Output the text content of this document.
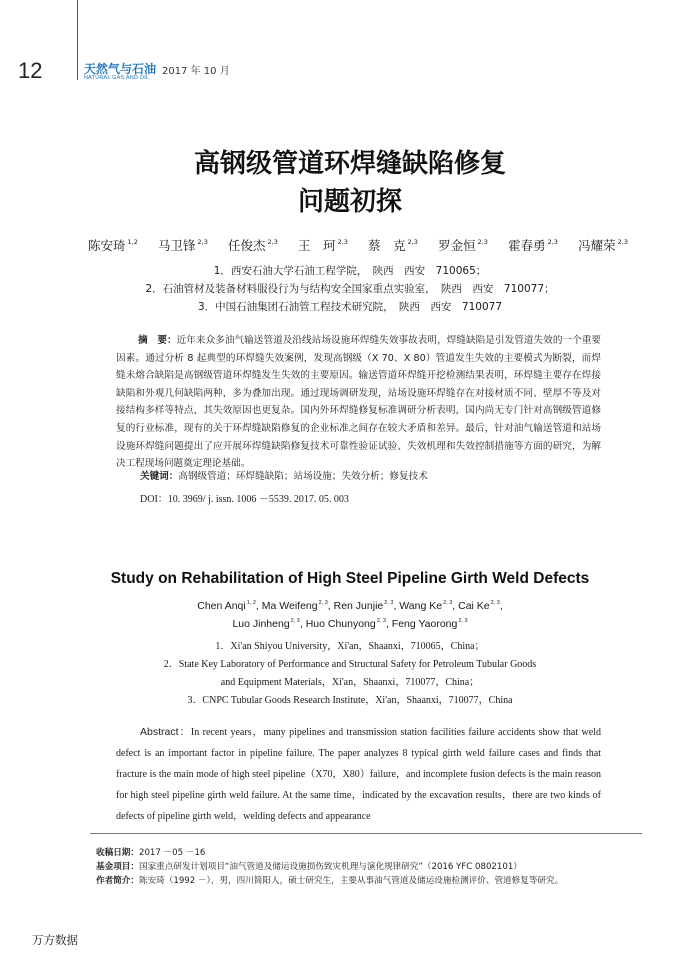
12	天然气与石油
NATURAL GAS AND OIL
2017 年 10 月
高钢级管道环焊缝缺陷修复
问题初探
陈安琦 $^{1,2}$ 马卫锋 $^{2,3}$ 任俊杰 $^{2,3}$ 王　珂 $^{2,3}$ 蔡　克 $^{2,3}$ 罗金恒 $^{2,3}$ 霍春勇 $^{2,3}$ 冯耀荣 $^{2,3}$
1．西安石油大学石油工程学院，　陕西　西安　710065；
2．石油管材及装备材料服役行为与结构安全国家重点实验室，　陕西　西安　710077；
3．中国石油集团石油管工程技术研究院，　陕西　西安　710077
摘　要：近年来众多油气输送管道及沿线站场设施环焊缝失效事故表明，焊缝缺陷是引发管道失效的一个重要因素。通过分析 8 起典型的环焊缝失效案例，发现高钢级（X 70、X 80）管道发生失效的主要模式为断裂，而焊缝未熔合缺陷是高钢级管道环焊缝发生失效的主要原因。输送管道环焊缝开挖检测结果表明，环焊缝主要存在焊接缺陷和外观几何缺陷两种，多为叠加出现。通过现场调研发现，站场设施环焊缝存在对接材质不同、壁厚不等及对接结构多样等特点，其失效原因也更复杂。国内外环焊缝修复标准调研分析表明，国内尚无专门针对高钢级管道修复的行业标准，现有的关于环焊缝缺陷修复的企业标准之间存在较大矛盾和差异。最后，针对油气输送管道和站场设施环焊缝问题提出了应开展环焊缝缺陷修复技术可靠性验证试验、失效机理和失效控制措施等方面的研究，为解决工程现场问题奠定理论基础。
关键词：高钢级管道；环焊缝缺陷；站场设施；失效分析；修复技术
DOI：10. 3969/ j. issn. 1006 －5539. 2017. 05. 003
Study on Rehabilitation of High Steel Pipeline Girth Weld Defects
Chen Anqi$^{1, 2}$, Ma Weifeng$^{2, 3}$, Ren Junjie$^{2, 3}$, Wang Ke$^{2, 3}$, Cai Ke$^{2, 3}$,
Luo Jinheng$^{2, 3}$, Huo Chunyong$^{2, 3}$, Feng Yaorong$^{2, 3}$
1．Xi'an Shiyou University，Xi'an，Shaanxi，710065，China；
2．State Key Laboratory of Performance and Structural Safety for Petroleum Tubular Goods
and Equipment Materials，Xi'an，Shaanxi，710077，China；
3．CNPC Tubular Goods Research Institute，Xi'an，Shaanxi，710077，China
Abstract：In recent years，many pipelines and transmission station facilities failure accidents show that weld defect is an important factor in pipeline failure. The paper analyzes 8 typical girth weld failure cases and finds that fracture is the main mode of high steel pipeline（X70，X80）failure，and incomplete fusion defects is the main reason for high steel pipeline girth weld failure. At the same time，indicated by the excavation results，there are two kinds of defects of pipeline girth weld，welding defects and appearance
收稿日期：2017 －05 －16
基金项目：国家重点研发计划项目“油气管道及储运设施损伤致灾机理与演化规律研究”（2016 YFC 0802101）
作者简介：陈安琦（1992 －），男，四川简阳人，硕士研究生，主要从事油气管道及储运设施检测评价、管道修复等研究。
万方数据
